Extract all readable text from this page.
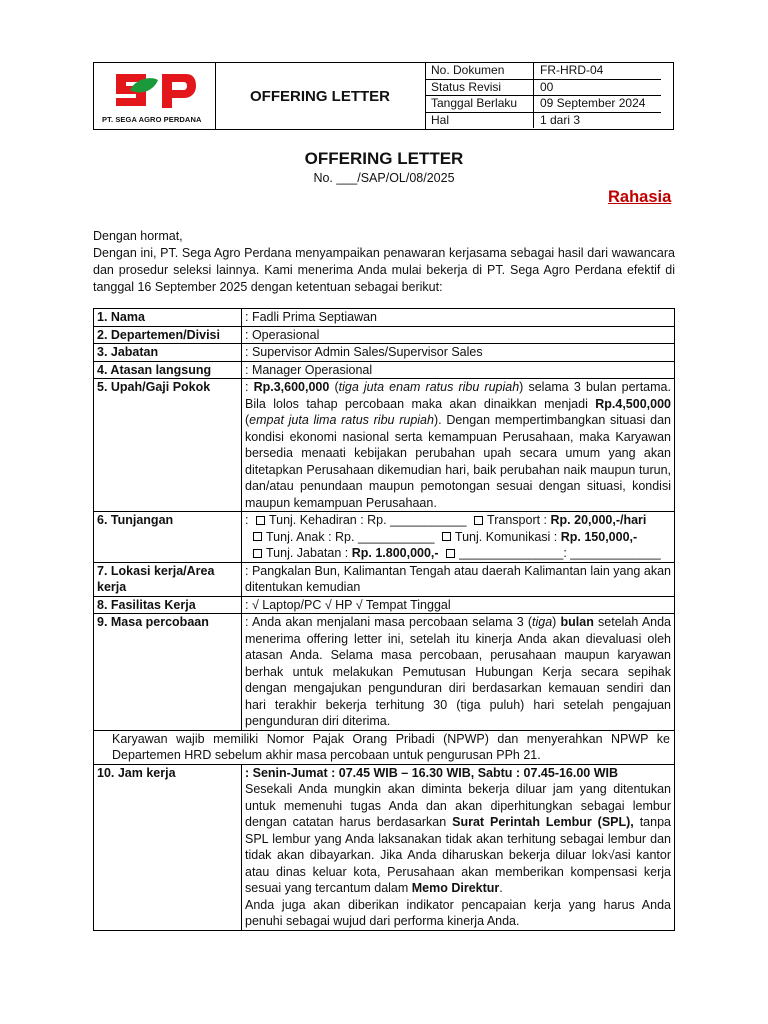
PT. SEGA AGRO PERDANA
OFFERING LETTER
No. Dokumen	FR-HRD-04
Status Revisi	00
Tanggal Berlaku	09 September 2024
Hal	1 dari 3
OFFERING LETTER
No. ___/SAP/OL/08/2025
Rahasia

Dengan hormat,

Dengan ini, PT. Sega Agro Perdana menyampaikan penawaran kerjasama sebagai hasil dari wawancara dan prosedur seleksi lainnya. Kami menerima Anda mulai bekerja di PT. Sega Agro Perdana efektif di tanggal 16 September 2025 dengan ketentuan sebagai berikut:

1. Nama	: Fadli Prima Septiawan
2. Departemen/Divisi	: Operasional
3. Jabatan	: Supervisor Admin Sales/Supervisor Sales
4. Atasan langsung	: Manager Operasional
5. Upah/Gaji Pokok	: Rp.3,600,000 (tiga juta enam ratus ribu rupiah) selama 3 bulan pertama. Bila lolos tahap percobaan maka akan dinaikkan menjadi Rp.4,500,000 (empat juta lima ratus ribu rupiah). Dengan mempertimbangkan situasi dan kondisi ekonomi nasional serta kemampuan Perusahaan, maka Karyawan bersedia menaati kebijakan perubahan upah secara umum yang akan ditetapkan Perusahaan dikemudian hari, baik perubahan naik maupun turun, dan/atau penundaan maupun pemotongan sesuai dengan situasi, kondisi maupun kemampuan Perusahaan.
6. Tunjangan	: Tunj. Kehadiran : Rp. ___________ Transport : Rp. 20,000,-/hari
Tunj. Anak : Rp. ___________ Tunj. Komunikasi : Rp. 150,000,-
Tunj. Jabatan : Rp. 1.800,000,- _______________: _____________

7. Lokasi kerja/Area kerja	: Pangkalan Bun, Kalimantan Tengah atau daerah Kalimantan lain yang akan ditentukan kemudian
8. Fasilitas Kerja	: √ Laptop/PC √ HP √ Tempat Tinggal
9. Masa percobaan	: Anda akan menjalani masa percobaan selama 3 (tiga) bulan setelah Anda menerima offering letter ini, setelah itu kinerja Anda akan dievaluasi oleh atasan Anda. Selama masa percobaan, perusahaan maupun karyawan berhak untuk melakukan Pemutusan Hubungan Kerja secara sepihak dengan mengajukan pengunduran diri berdasarkan kemauan sendiri dan hari terakhir bekerja terhitung 30 (tiga puluh) hari setelah pengajuan pengunduran diri diterima.
Karyawan wajib memiliki Nomor Pajak Orang Pribadi (NPWP) dan menyerahkan NPWP ke Departemen HRD sebelum akhir masa percobaan untuk pengurusan PPh 21.	
10. Jam kerja	: Senin-Jumat : 07.45 WIB – 16.30 WIB, Sabtu : 07.45-16.00 WIB
Sesekali Anda mungkin akan diminta bekerja diluar jam yang ditentukan untuk memenuhi tugas Anda dan akan diperhitungkan sebagai lembur dengan catatan harus berdasarkan Surat Perintah Lembur (SPL), tanpa SPL lembur yang Anda laksanakan tidak akan terhitung sebagai lembur dan tidak akan dibayarkan. Jika Anda diharuskan bekerja diluar lok√asi kantor atau dinas keluar kota, Perusahaan akan memberikan kompensasi kerja sesuai yang tercantum dalam Memo Direktur.
Anda juga akan diberikan indikator pencapaian kerja yang harus Anda penuhi sebagai wujud dari performa kinerja Anda.
